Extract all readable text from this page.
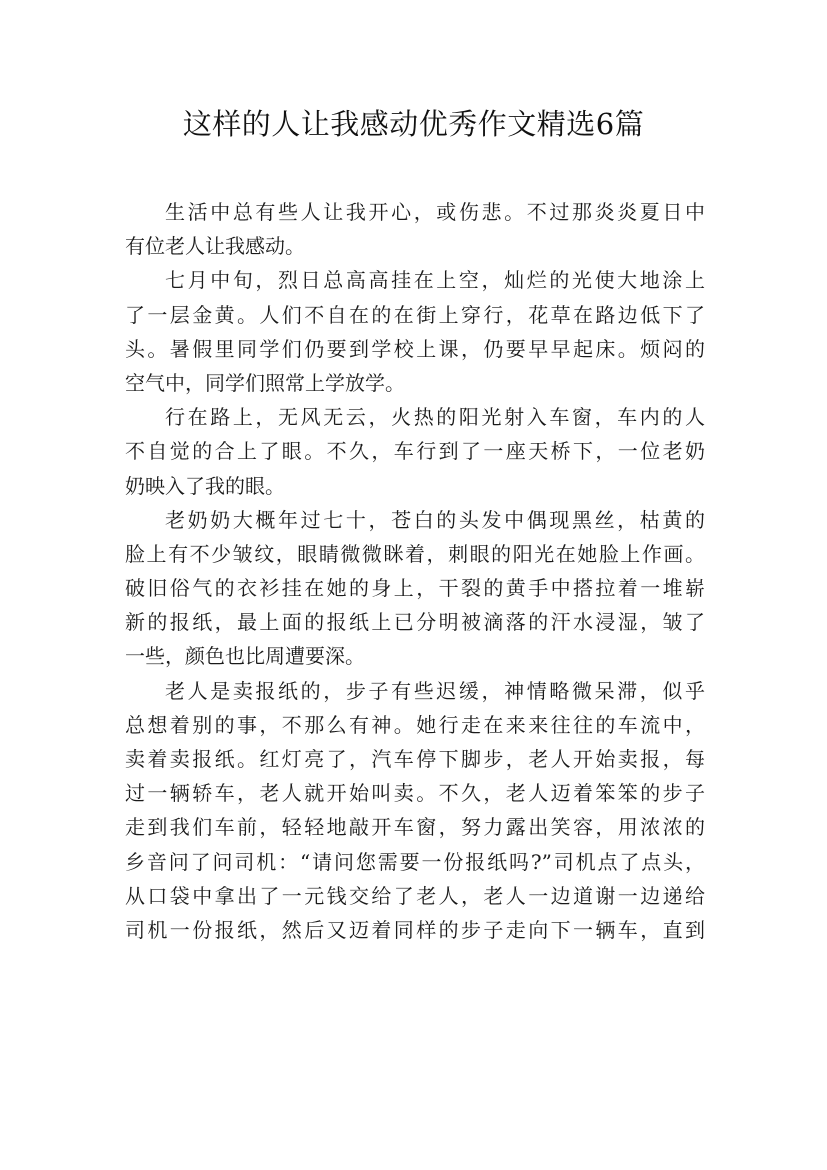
这样的人让我感动优秀作文精选6篇
生活中总有些人让我开心，或伤悲。不过那炎炎夏日中
有位老人让我感动。
七月中旬，烈日总高高挂在上空，灿烂的光使大地涂上
了一层金黄。人们不自在的在街上穿行，花草在路边低下了
头。暑假里同学们仍要到学校上课，仍要早早起床。烦闷的
空气中，同学们照常上学放学。
行在路上，无风无云，火热的阳光射入车窗，车内的人
不自觉的合上了眼。不久，车行到了一座天桥下，一位老奶
奶映入了我的眼。
老奶奶大概年过七十，苍白的头发中偶现黑丝，枯黄的
脸上有不少皱纹，眼睛微微眯着，刺眼的阳光在她脸上作画。
破旧俗气的衣衫挂在她的身上，干裂的黄手中搭拉着一堆崭
新的报纸，最上面的报纸上已分明被滴落的汗水浸湿，皱了
一些，颜色也比周遭要深。
老人是卖报纸的，步子有些迟缓，神情略微呆滞，似乎
总想着别的事，不那么有神。她行走在来来往往的车流中，
卖着卖报纸。红灯亮了，汽车停下脚步，老人开始卖报，每
过一辆轿车，老人就开始叫卖。不久，老人迈着笨笨的步子
走到我们车前，轻轻地敲开车窗，努力露出笑容，用浓浓的
乡音问了问司机：“请问您需要一份报纸吗?”司机点了点头，
从口袋中拿出了一元钱交给了老人，老人一边道谢一边递给
司机一份报纸，然后又迈着同样的步子走向下一辆车，直到
